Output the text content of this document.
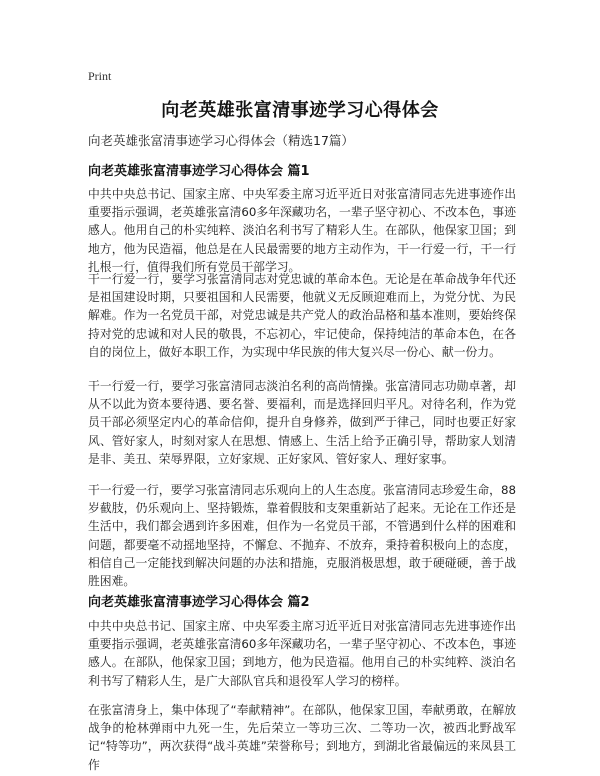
Print
向老英雄张富清事迹学习心得体会
向老英雄张富清事迹学习心得体会（精选17篇）
向老英雄张富清事迹学习心得体会 篇1

中共中央总书记、国家主席、中央军委主席习近平近日对张富清同志先进事迹作出重要指示强调，老英雄张富清60多年深藏功名，一辈子坚守初心、不改本色，事迹感人。他用自己的朴实纯粹、淡泊名利书写了精彩人生。在部队，他保家卫国；到地方，他为民造福，他总是在人民最需要的地方主动作为，干一行爱一行，干一行扎根一行，值得我们所有党员干部学习。

干一行爱一行，要学习张富清同志对党忠诚的革命本色。无论是在革命战争年代还是祖国建设时期，只要祖国和人民需要，他就义无反顾迎难而上，为党分忧、为民解难。作为一名党员干部，对党忠诚是共产党人的政治品格和基本准则，要始终保持对党的忠诚和对人民的敬畏，不忘初心，牢记使命，保持纯洁的革命本色，在各自的岗位上，做好本职工作，为实现中华民族的伟大复兴尽一份心、献一份力。

干一行爱一行，要学习张富清同志淡泊名利的高尚情操。张富清同志功勋卓著，却从不以此为资本要待遇、要名誉、要福利，而是选择回归平凡。对待名利，作为党员干部必须坚定内心的革命信仰，提升自身修养，做到严于律己，同时也要正好家风、管好家人，时刻对家人在思想、情感上、生活上给予正确引导，帮助家人划清是非、美丑、荣辱界限，立好家规、正好家风、管好家人、理好家事。

干一行爱一行，要学习张富清同志乐观向上的人生态度。张富清同志珍爱生命，88岁截肢，仍乐观向上、坚持锻炼，靠着假肢和支架重新站了起来。无论在工作还是生活中，我们都会遇到许多困难，但作为一名党员干部，不管遇到什么样的困难和问题，都要毫不动摇地坚持，不懈怠、不抛弃、不放弃，秉持着积极向上的态度，相信自己一定能找到解决问题的办法和措施，克服消极思想，敢于硬碰硬，善于战胜困难。

向老英雄张富清事迹学习心得体会 篇2

中共中央总书记、国家主席、中央军委主席习近平近日对张富清同志先进事迹作出重要指示强调，老英雄张富清60多年深藏功名，一辈子坚守初心、不改本色，事迹感人。在部队，他保家卫国；到地方，他为民造福。他用自己的朴实纯粹、淡泊名利书写了精彩人生，是广大部队官兵和退役军人学习的榜样。

在张富清身上，集中体现了“奉献精神”。在部队，他保家卫国，奉献勇敢，在解放战争的枪林弹雨中九死一生，先后荣立一等功三次、二等功一次，被西北野战军记“特等功”，两次获得“战斗英雄”荣誉称号；到地方，到湖北省最偏远的来凤县工作
